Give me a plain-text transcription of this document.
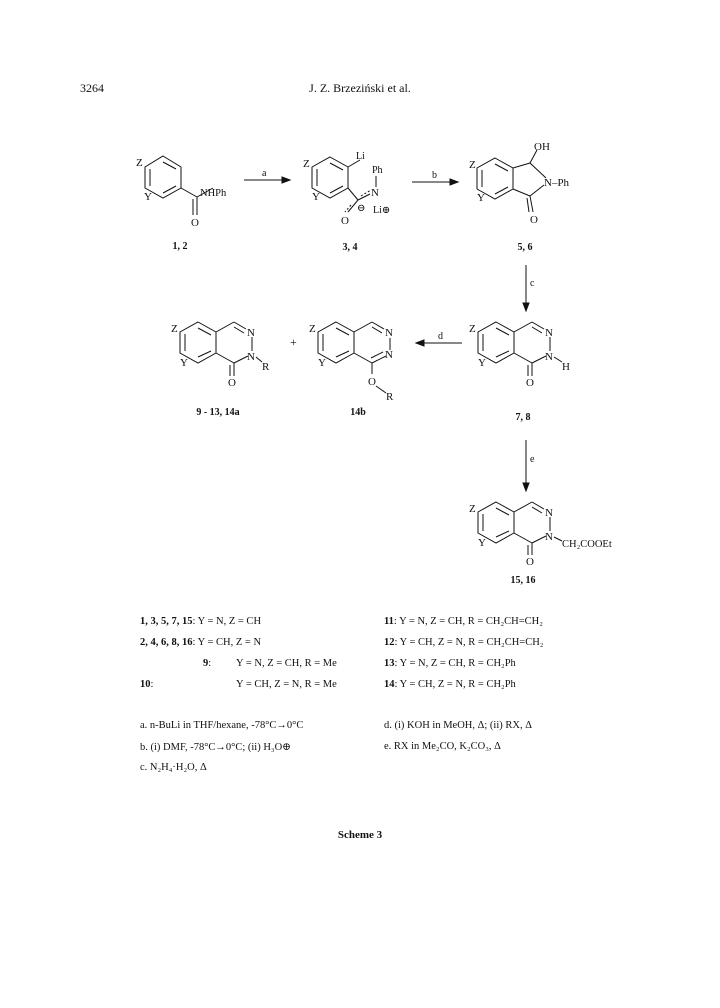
3264	J. Z. Brzeziński et al.
Z
Y	NHPh
O
Z
Y
Li
Ph
N
⊖ Li⊕
O
Z
Y
OH
N–Ph
O
Z
Y
N
N
R
O
+
Z
Y
N
N
O
R
Z
Y
N
N
H
O
Z
Y
N
N
CH₂COOEt
O
a	b
c
d
e
1, 2	3, 4	5, 6
9 - 13, 14a	14b	7, 8
15, 16
1, 3, 5, 7, 15: Y = N, Z = CH
2, 4, 6, 8, 16: Y = CH, Z = N
9: Y = N, Z = CH, R = Me
10:	Y = CH, Z = N, R = Me
11: Y = N, Z = CH, R = CH₂CH=CH₂
12: Y = CH, Z = N, R = CH₂CH=CH₂
13: Y = N, Z = CH, R = CH₂Ph
14: Y = CH, Z = N, R = CH₂Ph
a. n-BuLi in THF/hexane, -78°C→0°C
b. (i) DMF, -78°C→0°C; (ii) H₃O⊕
c. N₂H₄·H₂O, Δ
d. (i) KOH in MeOH, Δ; (ii) RX, Δ
e. RX in Me₂CO, K₂CO₃, Δ
Scheme 3
